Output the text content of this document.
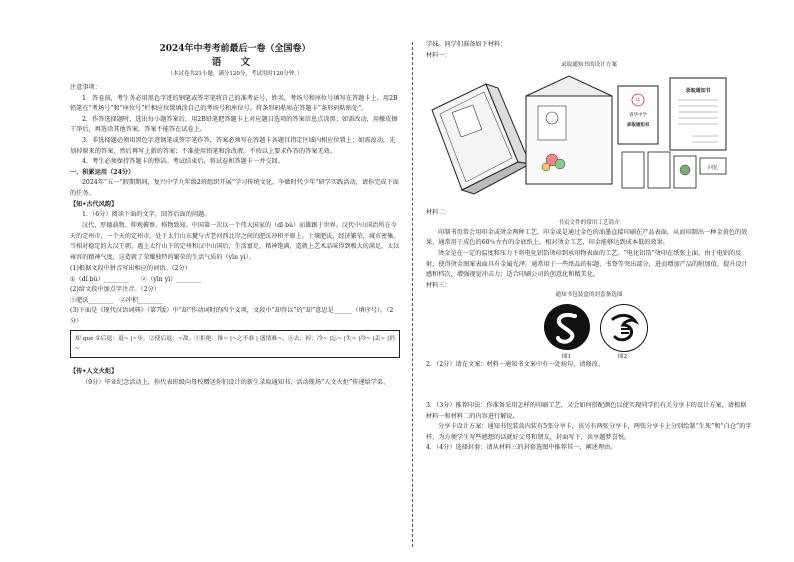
2024年中考考前最后一卷（全国卷）
语 文
（本试卷共21小题，满分120分，考试用时120分钟。）

注意事项：

1．答卷前，考生务必用黑色字迹的钢笔或签字笔将自己的准考证号，姓名，考场号和座位号填写在答题卡上。用2B铅笔在“考场号”和“座位号”栏相应位置填涂自己的考场号和座位号。将条形码粘贴在答题卡“条形码粘贴处”。

2．作答选择题时，选出每小题答案后，用2B铅笔把答题卡上对应题目选项的答案信息点涂黑；如需改动，用橡皮擦干净后，再选涂其他答案，答案不能答在试卷上。

3．非选择题必须用黑色字迹钢笔或签字笔作答，答案必须写在答题卡各题目指定区域内相应位置上；如需改动，先划掉原来的答案，然后再写上新的答案；不准使用铅笔和涂改液。不按以上要求作答的答案无效。

4．考生必须保持答题卡的整洁。考试结束后，将试卷和答题卡一并交回。

一、积累运用（24分）

2024年“五一”假期期间，复兴中学九年级2班组织开展“学习传统文化，争做时代少年”研学实践活动，请你完成下面的任务。

【知•古代风韵】

1．（6分）阅读下面的文字，回答后面的问题。

汉代，厚德载物、仰观俯察、格物致知。中国第一次以一个伟大国家的（dǐ bù）而雄踞于世界。汉代中山国治所在今天的定州市，一个天的定州市，处于太行山东麓与古老河西北岸之间的肥沃冲积平原上。土壤肥沃，经济繁荣，城市密集。当相对稳定的大汉王朝，遇上太行山下的定州和汉中山国后，生活富足，精神饱满，造就上艺术品味得到极大的满足，太以雍容的精神气度，这造就了荣耀独特的繁荣的生活气质的（yīn yì）。

(1)根据文段中拼音写出相应的词语。（2分）

①（dǐ bù）________　　②（yīn yì）________

(2)给文段中加点字注音。（2分）

①肥沃________　②冲积________

(3)下面是《现代汉语词典》（第7版）中“却”作动词时的四个义项，文段中“却得以”的“却”意思是______（填序号）。（2分）

却 què ①后退：退~ |~步。②使后退：~敌。③拒绝：推~ |~之不恭 | 盛情难~。④去；掉：冷~ |忘~ |失~ |冷~ |丢~ |扔~

【传•人文火炬】

（9分）毕业纪念活动上，你代表班级向母校赠送你们设计的新生录取通知书，活动现场“人文火炬”传递给学弟、

学妹。同学们准备如下材料：

材料一：

录取通知书的设计方案
华
睿华中学
录取通知书
录取通知书
回忆

材料二：

书页文件的常用工艺简介

印制书页常会用印金或烫金两种工艺。印金或是通过金色的油墨直接印刷在产品表面，从而印制出一种金黄色的效果，通常用于成色的60％左右的金底纸上。相对烫金工艺，印金能够达到成本低的效果。

烫金是在一定的温度和压力下将电化铝箔烫印到承印物表面的工艺。“电化铝箔”烫印在纸张上面，由于电铝的反射，使得烫金图案表面具有金属光泽。通常用于一些纸品的标题、书脊等突出部分，进而增加产品的附加值，提升设计感和档次，增强视觉冲击力；适合印刷公司的创意化和精美化。

材料三：

通知书包装盒的封套备选图
图1	图2

2．（2分）请在文案：材料一通知书文案中有一处病句，请修改。

3．（3分）推荐印法：你准备采用怎样的印刷工艺，又会如何搭配颜色以使实现同学们有关分享卡的设计方案，请根据材料一和材料二的内容进行解说。

分享卡设计方案：通知书包装盒内装有5张分享卡，该另有两张分享卡，两张分享卡上分别绘制“生死”和“白仓”的字样，为方便学生写些感想的话就好父母和朋友，封面写下，共享题梦喜悦。

4．（4分）选择封套：请从材料三的封套选图中推荐其一，阐述理由。
